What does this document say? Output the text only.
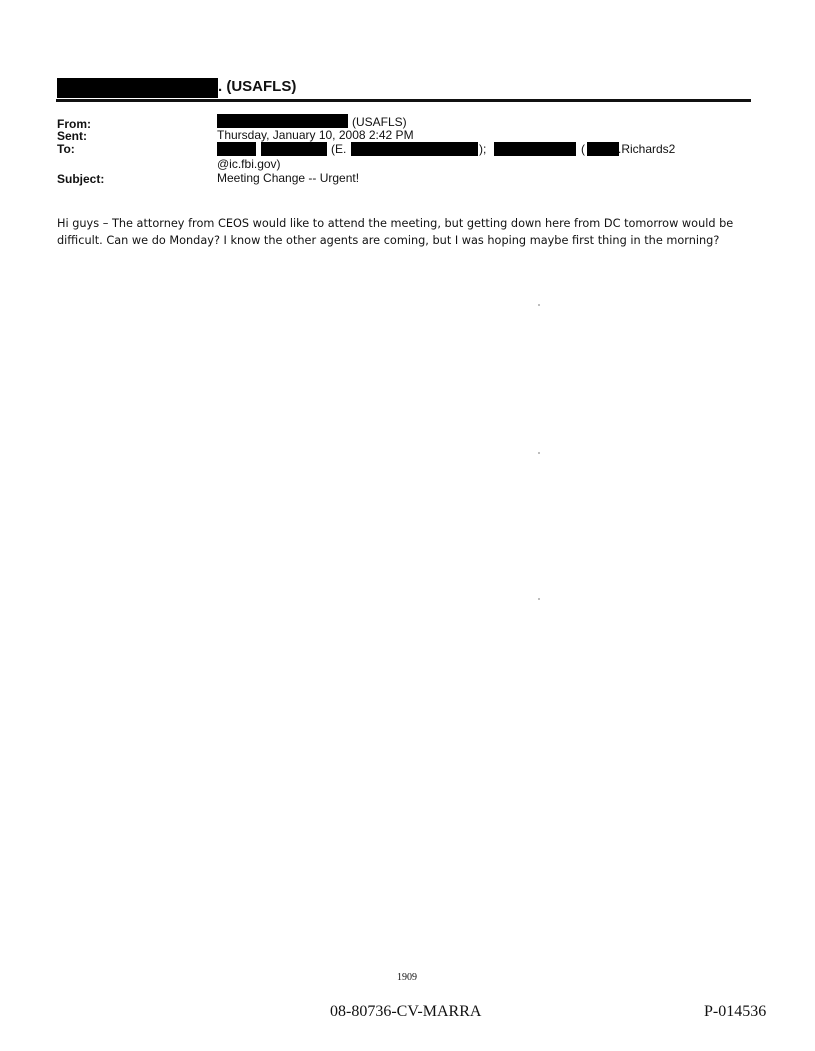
. (USAFLS)
From:	(USAFLS)
Sent:	Thursday, January 10, 2008 2:42 PM
To:	(E.	);	(	.Richards2
@ic.fbi.gov)
Subject:	Meeting Change -- Urgent!
Hi guys – The attorney from CEOS would like to attend the meeting, but getting down here from DC tomorrow would be difficult. Can we do Monday? I know the other agents are coming, but I was hoping maybe first thing in the morning?
1909
08-80736-CV-MARRA	P-014536
